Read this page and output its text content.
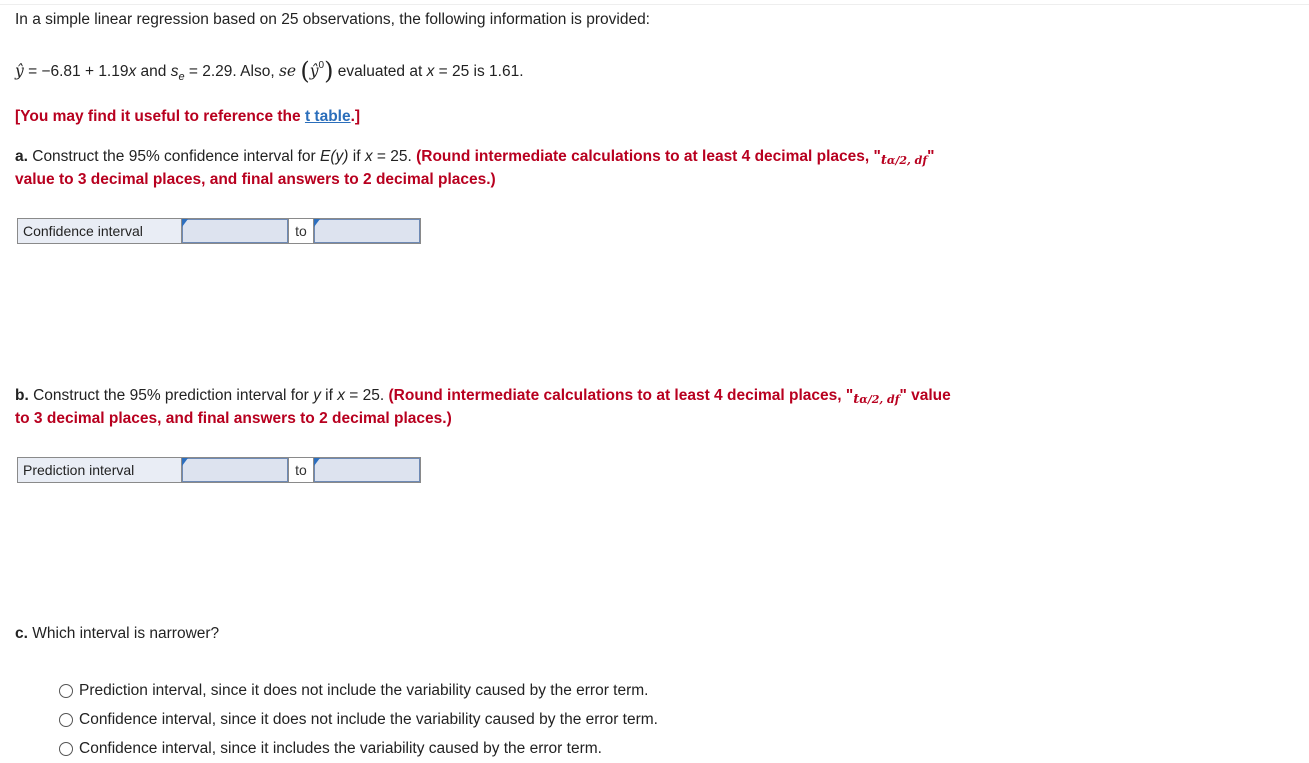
In a simple linear regression based on 25 observations, the following information is provided:
ŷ = −6.81 + 1.19x and $s_e = 2.29$. Also, se $(ŷ^0)$ evaluated at x = 25 is 1.61.
[You may find it useful to reference the t table.]
a. Construct the 95% confidence interval for E(y) if x = 25. (Round intermediate calculations to at least 4 decimal places, "$t_{\alpha/2, df}$"
value to 3 decimal places, and final answers to 2 decimal places.)
Confidence interval	to
b. Construct the 95% prediction interval for y if x = 25. (Round intermediate calculations to at least 4 decimal places, "$t_{\alpha/2, df}$" value
to 3 decimal places, and final answers to 2 decimal places.)
Prediction interval	to
c. Which interval is narrower?
Prediction interval, since it does not include the variability caused by the error term.
Confidence interval, since it does not include the variability caused by the error term.
Confidence interval, since it includes the variability caused by the error term.
